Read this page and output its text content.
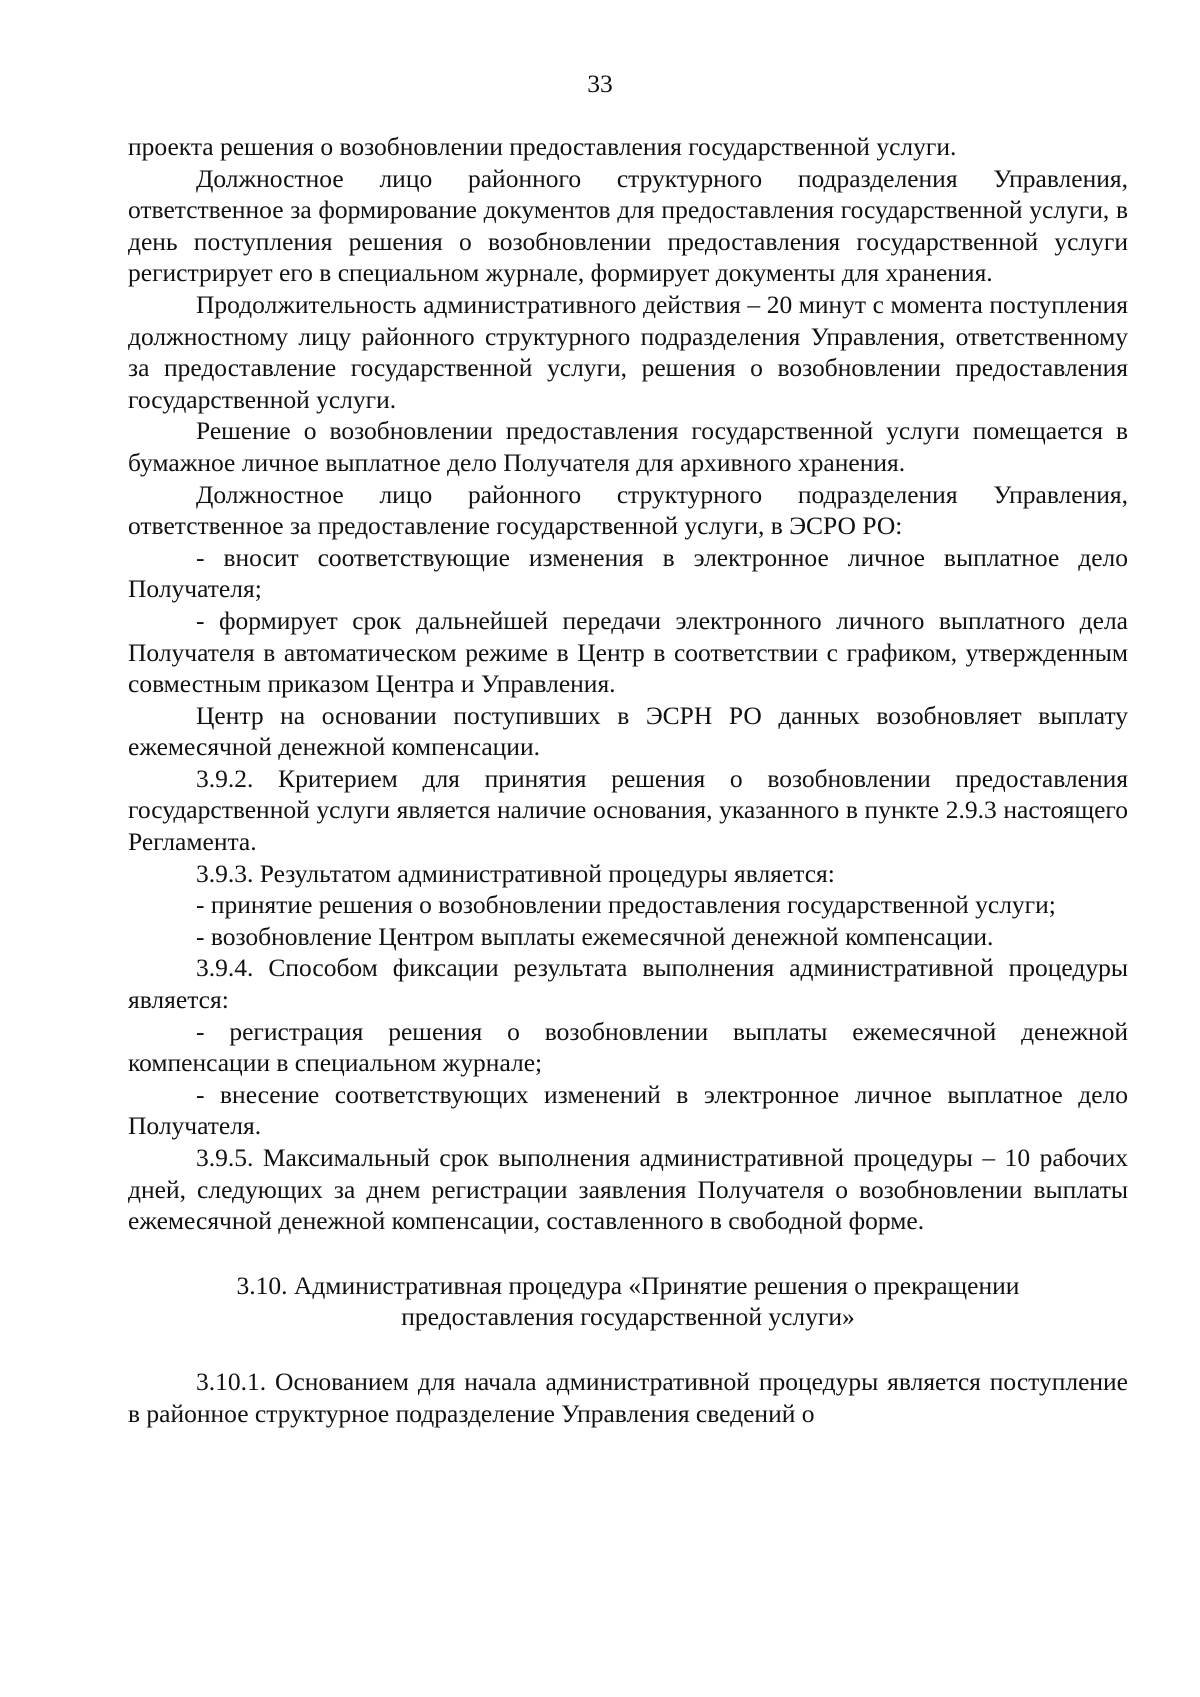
33

проекта решения о возобновлении предоставления государственной услуги.

Должностное лицо районного структурного подразделения Управления, ответственное за формирование документов для предоставления государственной услуги, в день поступления решения о возобновлении предоставления государственной услуги регистрирует его в специальном журнале, формирует документы для хранения.

Продолжительность административного действия – 20 минут с момента поступления должностному лицу районного структурного подразделения Управления, ответственному за предоставление государственной услуги, решения о возобновлении предоставления государственной услуги.

Решение о возобновлении предоставления государственной услуги помещается в бумажное личное выплатное дело Получателя для архивного хранения.

Должностное лицо районного структурного подразделения Управления, ответственное за предоставление государственной услуги, в ЭСРО РО:

- вносит соответствующие изменения в электронное личное выплатное дело Получателя;

- формирует срок дальнейшей передачи электронного личного выплатного дела Получателя в автоматическом режиме в Центр в соответствии с графиком, утвержденным совместным приказом Центра и Управления.

Центр на основании поступивших в ЭСРН РО данных возобновляет выплату ежемесячной денежной компенсации.

3.9.2. Критерием для принятия решения о возобновлении предоставления государственной услуги является наличие основания, указанного в пункте 2.9.3 настоящего Регламента.

3.9.3. Результатом административной процедуры является:

- принятие решения о возобновлении предоставления государственной услуги;

- возобновление Центром выплаты ежемесячной денежной компенсации.

3.9.4. Способом фиксации результата выполнения административной процедуры является:

- регистрация решения о возобновлении выплаты ежемесячной денежной компенсации в специальном журнале;

- внесение соответствующих изменений в электронное личное выплатное дело Получателя.

3.9.5. Максимальный срок выполнения административной процедуры – 10 рабочих дней, следующих за днем регистрации заявления Получателя о возобновлении выплаты ежемесячной денежной компенсации, составленного в свободной форме.

3.10. Административная процедура «Принятие решения о прекращении
предоставления государственной услуги»

3.10.1. Основанием для начала административной процедуры является поступление в районное структурное подразделение Управления сведений о
